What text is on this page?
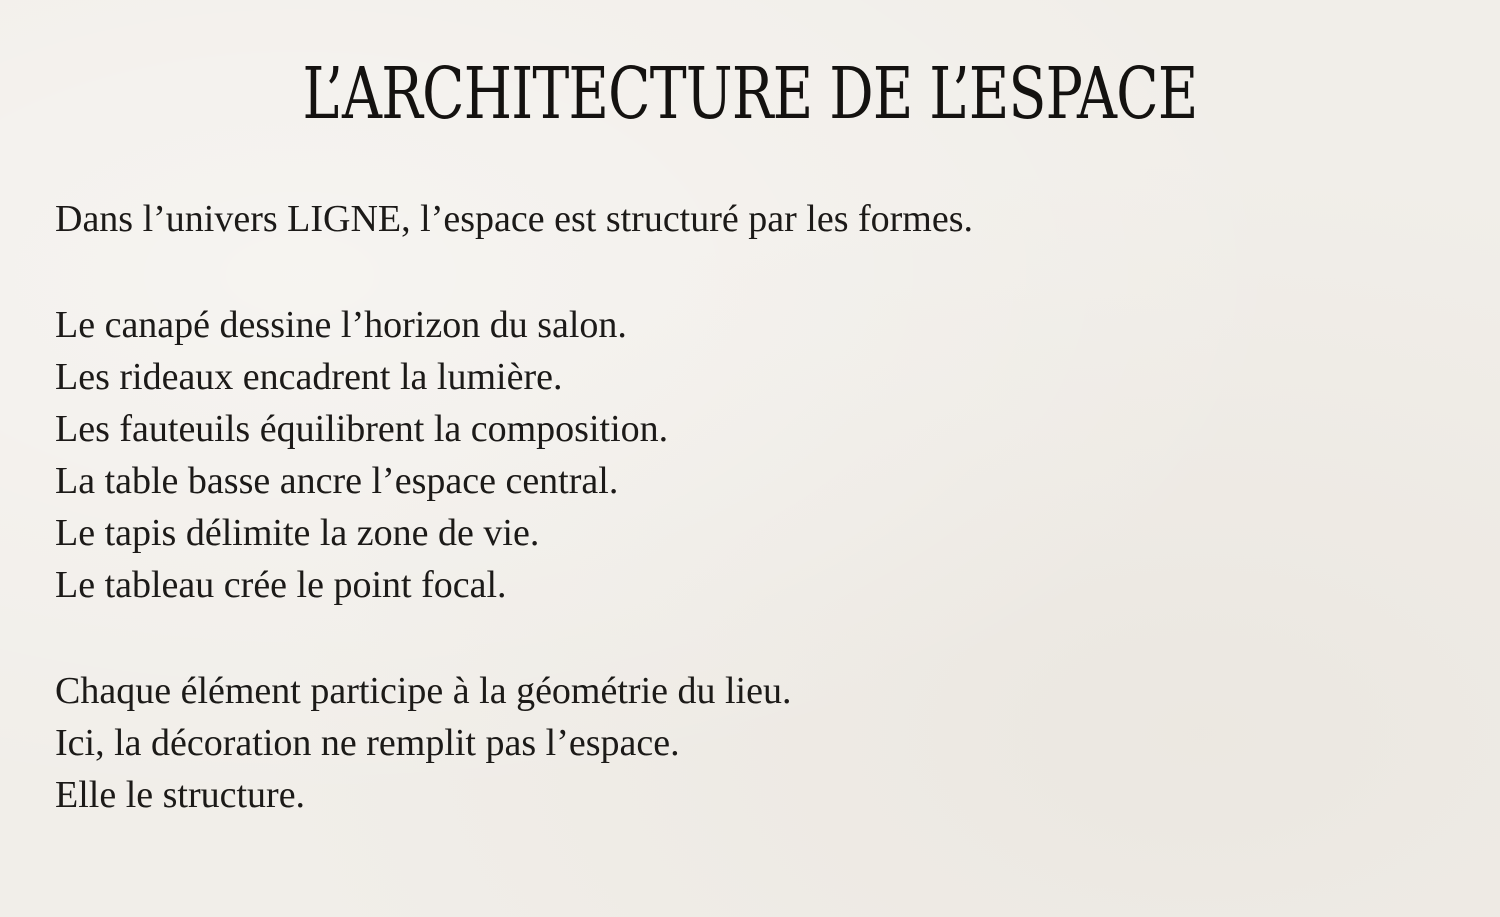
L’ARCHITECTURE DE L’ESPACE
Dans l’univers LIGNE, l’espace est structuré par les formes.
Le canapé dessine l’horizon du salon.
Les rideaux encadrent la lumière.
Les fauteuils équilibrent la composition.
La table basse ancre l’espace central.
Le tapis délimite la zone de vie.
Le tableau crée le point focal.
Chaque élément participe à la géométrie du lieu.
Ici, la décoration ne remplit pas l’espace.
Elle le structure.
